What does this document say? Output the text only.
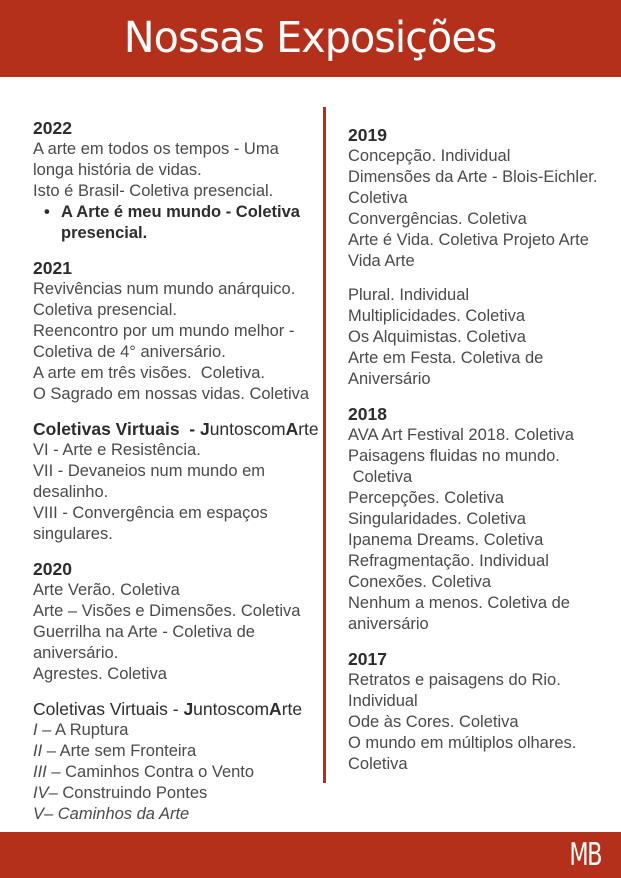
Nossas Exposições
2022
A arte em todos os tempos - Uma longa história de vidas.
Isto é Brasil- Coletiva presencial.
• A Arte é meu mundo - Coletiva presencial.
2021
Revivências num mundo anárquico. Coletiva presencial.
Reencontro por um mundo melhor - Coletiva de 4° aniversário.
A arte em três visões.  Coletiva.
O Sagrado em nossas vidas. Coletiva
Coletivas Virtuais  - JuntoscomArte
VI - Arte e Resistência.
VII - Devaneios num mundo em desalinho.
VIII - Convergência em espaços singulares.
2020
Arte Verão. Coletiva
Arte – Visões e Dimensões. Coletiva
Guerrilha na Arte - Coletiva de aniversário.
Agrestes. Coletiva
Coletivas Virtuais - JuntoscomArte
I – A Ruptura
II – Arte sem Fronteira
III – Caminhos Contra o Vento
IV– Construindo Pontes
V– Caminhos da Arte
2019
Concepção. Individual
Dimensões da Arte - Blois-Eichler. Coletiva
Convergências. Coletiva
Arte é Vida. Coletiva Projeto Arte Vida Arte
Plural. Individual
Multiplicidades. Coletiva
Os Alquimistas. Coletiva
Arte em Festa. Coletiva de Aniversário
2018
AVA Art Festival 2018. Coletiva
Paisagens fluidas no mundo.
Coletiva
Percepções. Coletiva
Singularidades. Coletiva
Ipanema Dreams. Coletiva
Refragmentação. Individual
Conexões. Coletiva
Nenhum a menos. Coletiva de aniversário
2017
Retratos e paisagens do Rio. Individual
Ode às Cores. Coletiva
O mundo em múltiplos olhares. Coletiva
MB
